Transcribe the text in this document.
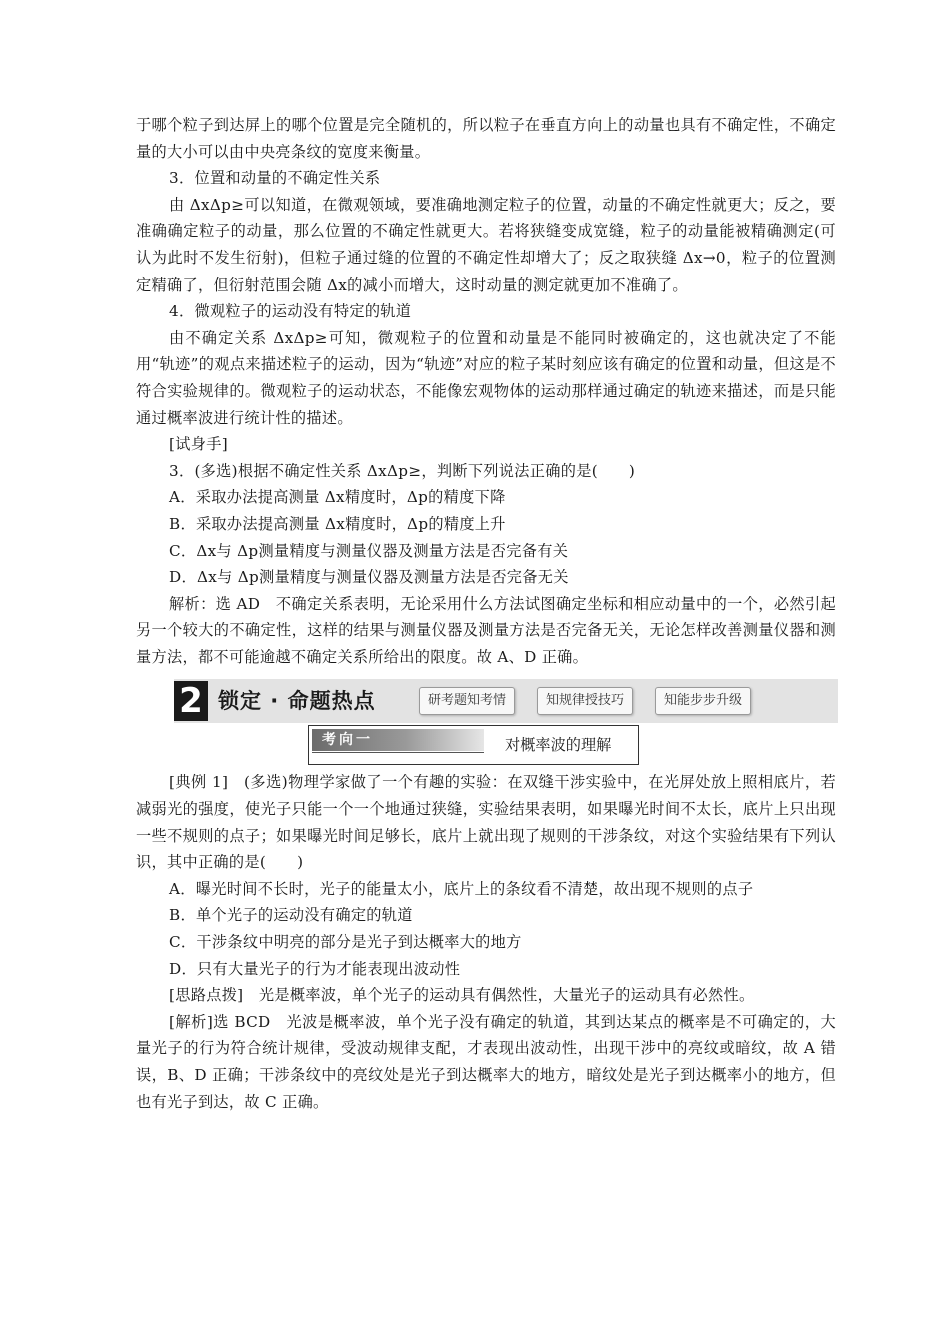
于哪个粒子到达屏上的哪个位置是完全随机的，所以粒子在垂直方向上的动量也具有不确定性，不确定量的大小可以由中央亮条纹的宽度来衡量。

3．位置和动量的不确定性关系

由 ΔxΔp≥可以知道，在微观领域，要准确地测定粒子的位置，动量的不确定性就更大；反之，要准确确定粒子的动量，那么位置的不确定性就更大。若将狭缝变成宽缝，粒子的动量能被精确测定(可认为此时不发生衍射)，但粒子通过缝的位置的不确定性却增大了；反之取狭缝 Δx→0，粒子的位置测定精确了，但衍射范围会随 Δx的减小而增大，这时动量的测定就更加不准确了。

4．微观粒子的运动没有特定的轨道

由不确定关系 ΔxΔp≥可知，微观粒子的位置和动量是不能同时被确定的，这也就决定了不能用“轨迹”的观点来描述粒子的运动，因为“轨迹”对应的粒子某时刻应该有确定的位置和动量，但这是不符合实验规律的。微观粒子的运动状态，不能像宏观物体的运动那样通过确定的轨迹来描述，而是只能通过概率波进行统计性的描述。

[试身手]

3．(多选)根据不确定性关系 ΔxΔp≥，判断下列说法正确的是(　　)

A．采取办法提高测量 Δx精度时，Δp的精度下降

B．采取办法提高测量 Δx精度时，Δp的精度上升

C．Δx与 Δp测量精度与测量仪器及测量方法是否完备有关

D．Δx与 Δp测量精度与测量仪器及测量方法是否完备无关

解析：选 AD　不确定关系表明，无论采用什么方法试图确定坐标和相应动量中的一个，必然引起另一个较大的不确定性，这样的结果与测量仪器及测量方法是否完备无关，无论怎样改善测量仪器和测量方法，都不可能逾越不确定关系所给出的限度。故 A、D 正确。

2 锁定 · 命题热点	研考题知考情	知规律授技巧	知能步步升级
考向一	对概率波的理解

[典例 1]　(多选)物理学家做了一个有趣的实验：在双缝干涉实验中，在光屏处放上照相底片，若减弱光的强度，使光子只能一个一个地通过狭缝，实验结果表明，如果曝光时间不太长，底片上只出现一些不规则的点子；如果曝光时间足够长，底片上就出现了规则的干涉条纹，对这个实验结果有下列认识，其中正确的是(　　)

A．曝光时间不长时，光子的能量太小，底片上的条纹看不清楚，故出现不规则的点子

B．单个光子的运动没有确定的轨道

C．干涉条纹中明亮的部分是光子到达概率大的地方

D．只有大量光子的行为才能表现出波动性

[思路点拨]　光是概率波，单个光子的运动具有偶然性，大量光子的运动具有必然性。

[解析]选 BCD　光波是概率波，单个光子没有确定的轨道，其到达某点的概率是不可确定的，大量光子的行为符合统计规律，受波动规律支配，才表现出波动性，出现干涉中的亮纹或暗纹，故 A 错误，B、D 正确；干涉条纹中的亮纹处是光子到达概率大的地方，暗纹处是光子到达概率小的地方，但也有光子到达，故 C 正确。
